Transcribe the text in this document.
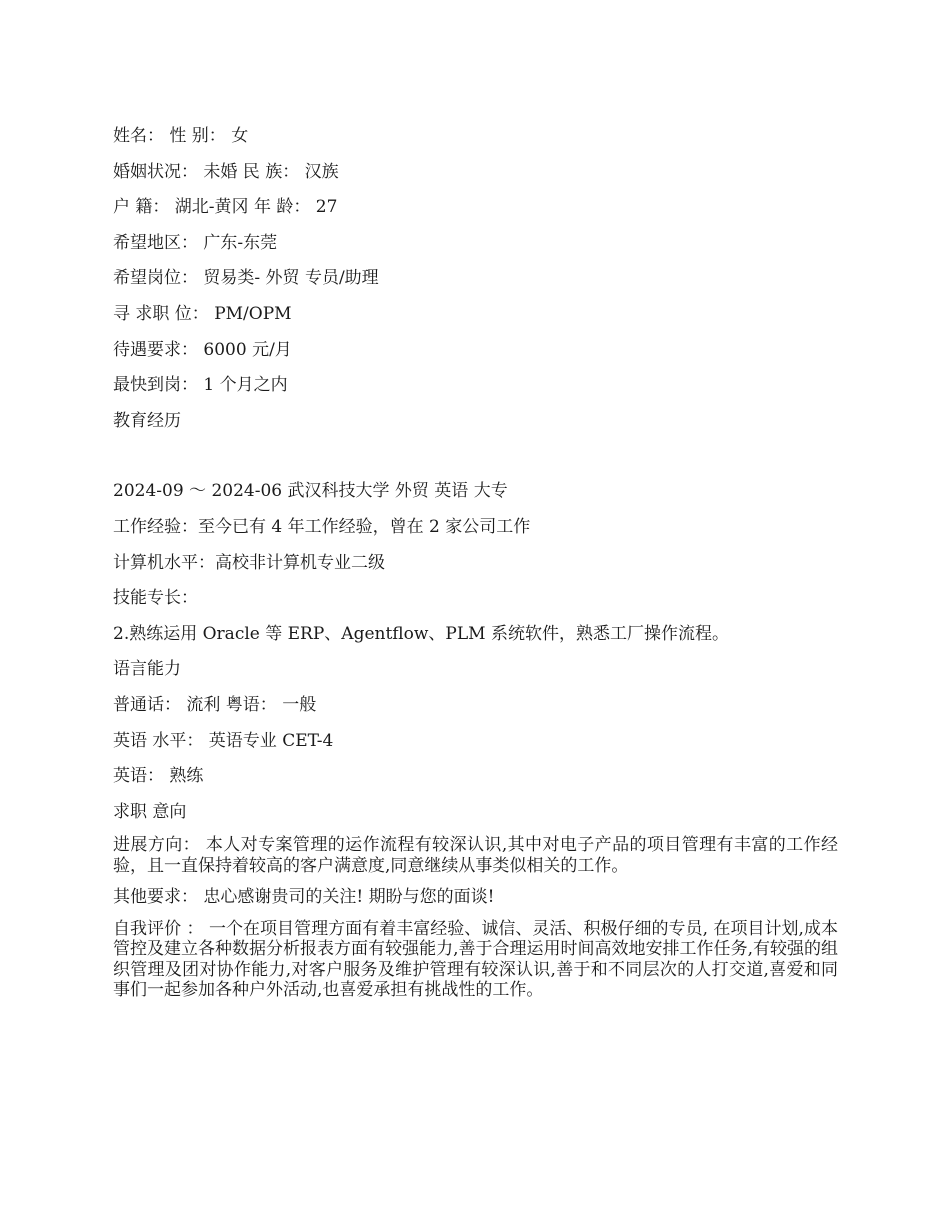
姓名： 性 别： 女
婚姻状况： 未婚 民 族： 汉族
户 籍： 湖北-黄冈 年 龄： 27
希望地区： 广东-东莞
希望岗位： 贸易类- 外贸 专员/助理
寻 求职 位： PM/OPM
待遇要求： 6000 元/月
最快到岗： 1 个月之内
教育经历
2024-09 ～ 2024-06 武汉科技大学 外贸 英语 大专
工作经验：至今已有 4 年工作经验，曾在 2 家公司工作
计算机水平：高校非计算机专业二级
技能专长：
2.熟练运用 Oracle 等 ERP、Agentflow、PLM 系统软件，熟悉工厂操作流程。
语言能力
普通话： 流利 粤语： 一般
英语 水平： 英语专业 CET-4
英语： 熟练
求职 意向
进展方向： 本人对专案管理的运作流程有较深认识,其中对电子产品的项目管理有丰富的工作经验，且一直保持着较高的客户满意度,同意继续从事类似相关的工作。
其他要求： 忠心感谢贵司的关注! 期盼与您的面谈!
自我评价 ： 一个在项目管理方面有着丰富经验、诚信、灵活、积极仔细的专员, 在项目计划,成本管控及建立各种数据分析报表方面有较强能力,善于合理运用时间高效地安排工作任务,有较强的组织管理及团对协作能力,对客户服务及维护管理有较深认识,善于和不同层次的人打交道,喜爱和同事们一起参加各种户外活动,也喜爱承担有挑战性的工作。
